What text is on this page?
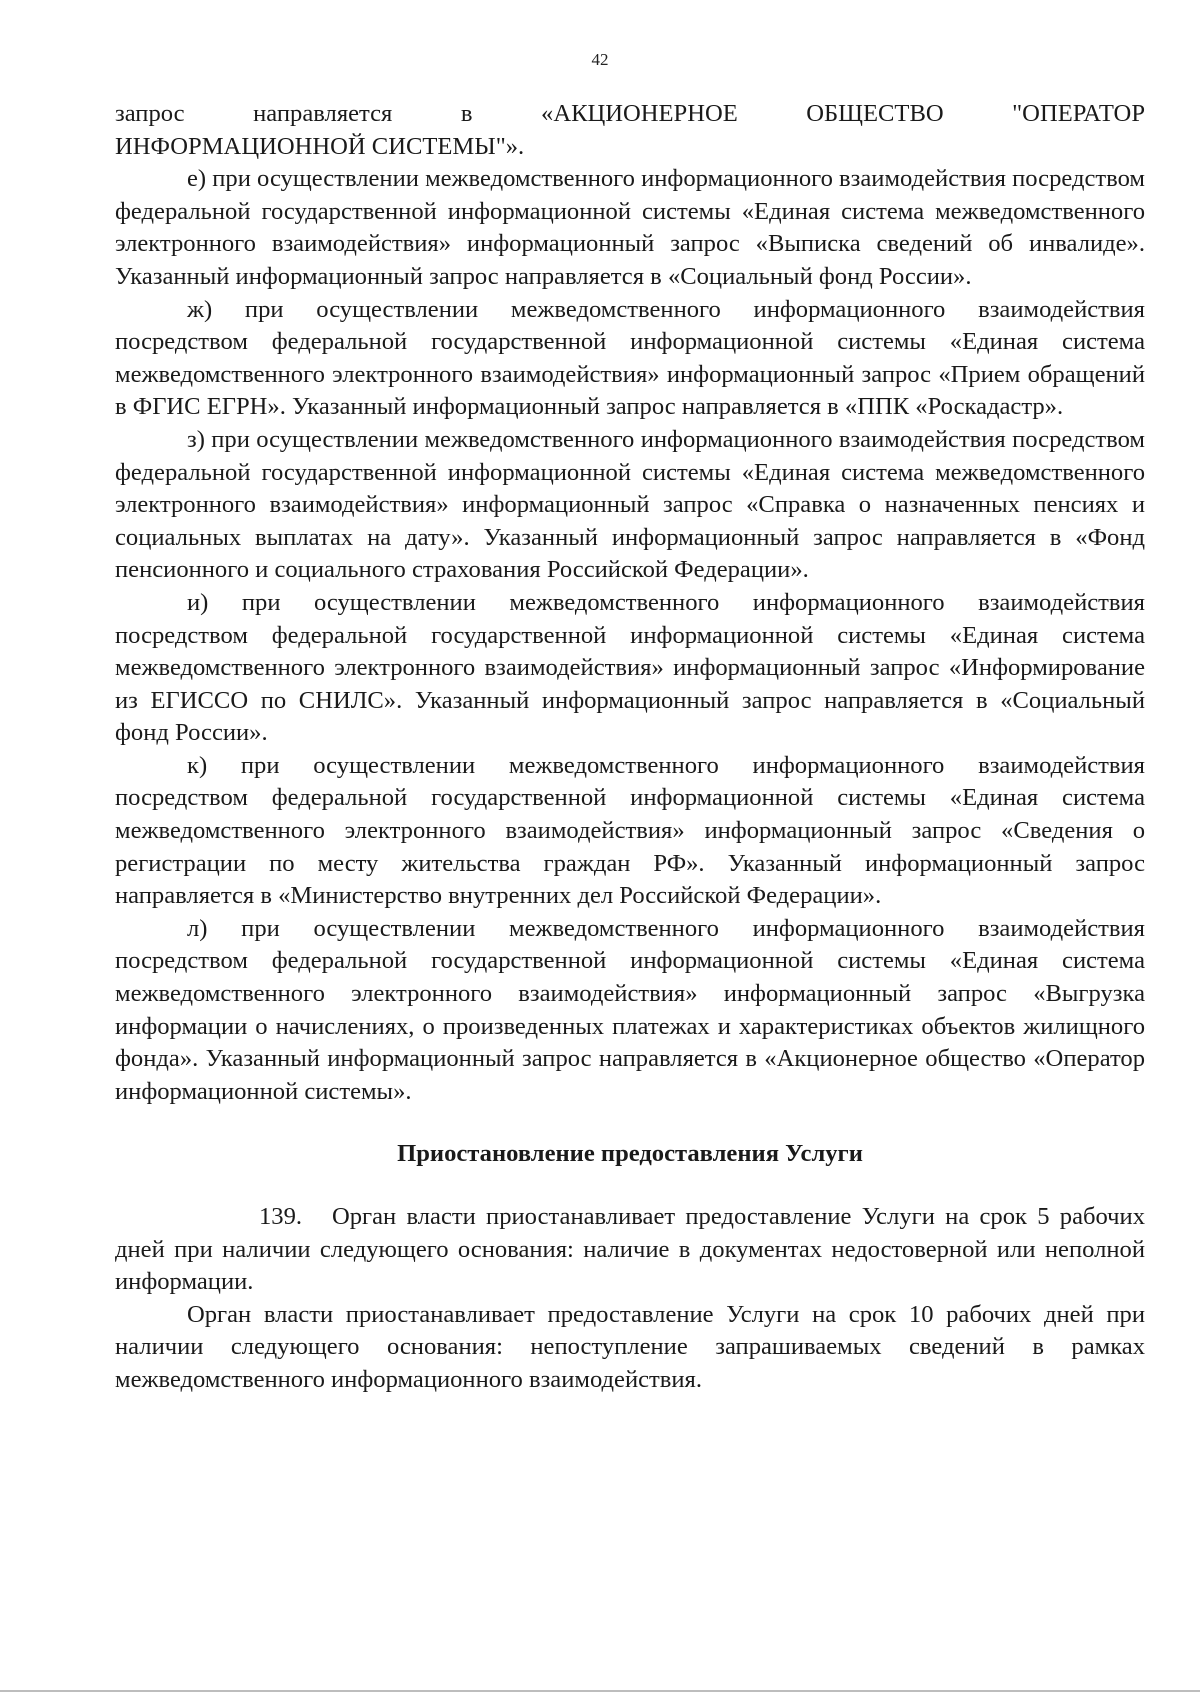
42
запрос	направляется	в	«АКЦИОНЕРНОЕ	ОБЩЕСТВО	"ОПЕРАТОР
ИНФОРМАЦИОННОЙ СИСТЕМЫ"».

е) при осуществлении межведомственного информационного взаимодействия посредством федеральной государственной информационной системы «Единая система межведомственного электронного взаимодействия» информационный запрос «Выписка сведений об инвалиде». Указанный информационный запрос направляется в «Социальный фонд России».

ж) при осуществлении межведомственного информационного взаимодействия посредством федеральной государственной информационной системы «Единая система межведомственного электронного взаимодействия» информационный запрос «Прием обращений в ФГИС ЕГРН». Указанный информационный запрос направляется в «ППК «Роскадастр».

з) при осуществлении межведомственного информационного взаимодействия посредством федеральной государственной информационной системы «Единая система межведомственного электронного взаимодействия» информационный запрос «Справка о назначенных пенсиях и социальных выплатах на дату». Указанный информационный запрос направляется в «Фонд пенсионного и социального страхования Российской Федерации».

и) при осуществлении межведомственного информационного взаимодействия посредством федеральной государственной информационной системы «Единая система межведомственного электронного взаимодействия» информационный запрос «Информирование из ЕГИССО по СНИЛС». Указанный информационный запрос направляется в «Социальный фонд России».

к) при осуществлении межведомственного информационного взаимодействия посредством федеральной государственной информационной системы «Единая система межведомственного электронного взаимодействия» информационный запрос «Сведения о регистрации по месту жительства граждан РФ». Указанный информационный запрос направляется в «Министерство внутренних дел Российской Федерации».

л) при осуществлении межведомственного информационного взаимодействия посредством федеральной государственной информационной системы «Единая система межведомственного электронного взаимодействия» информационный запрос «Выгрузка информации о начислениях, о произведенных платежах и характеристиках объектов жилищного фонда». Указанный информационный запрос направляется в «Акционерное общество «Оператор информационной системы».

Приостановление предоставления Услуги

139. Орган власти приостанавливает предоставление Услуги на срок 5 рабочих дней при наличии следующего основания: наличие в документах недостоверной или неполной информации.

Орган власти приостанавливает предоставление Услуги на срок 10 рабочих дней при наличии следующего основания: непоступление запрашиваемых сведений в рамках межведомственного информационного взаимодействия.
